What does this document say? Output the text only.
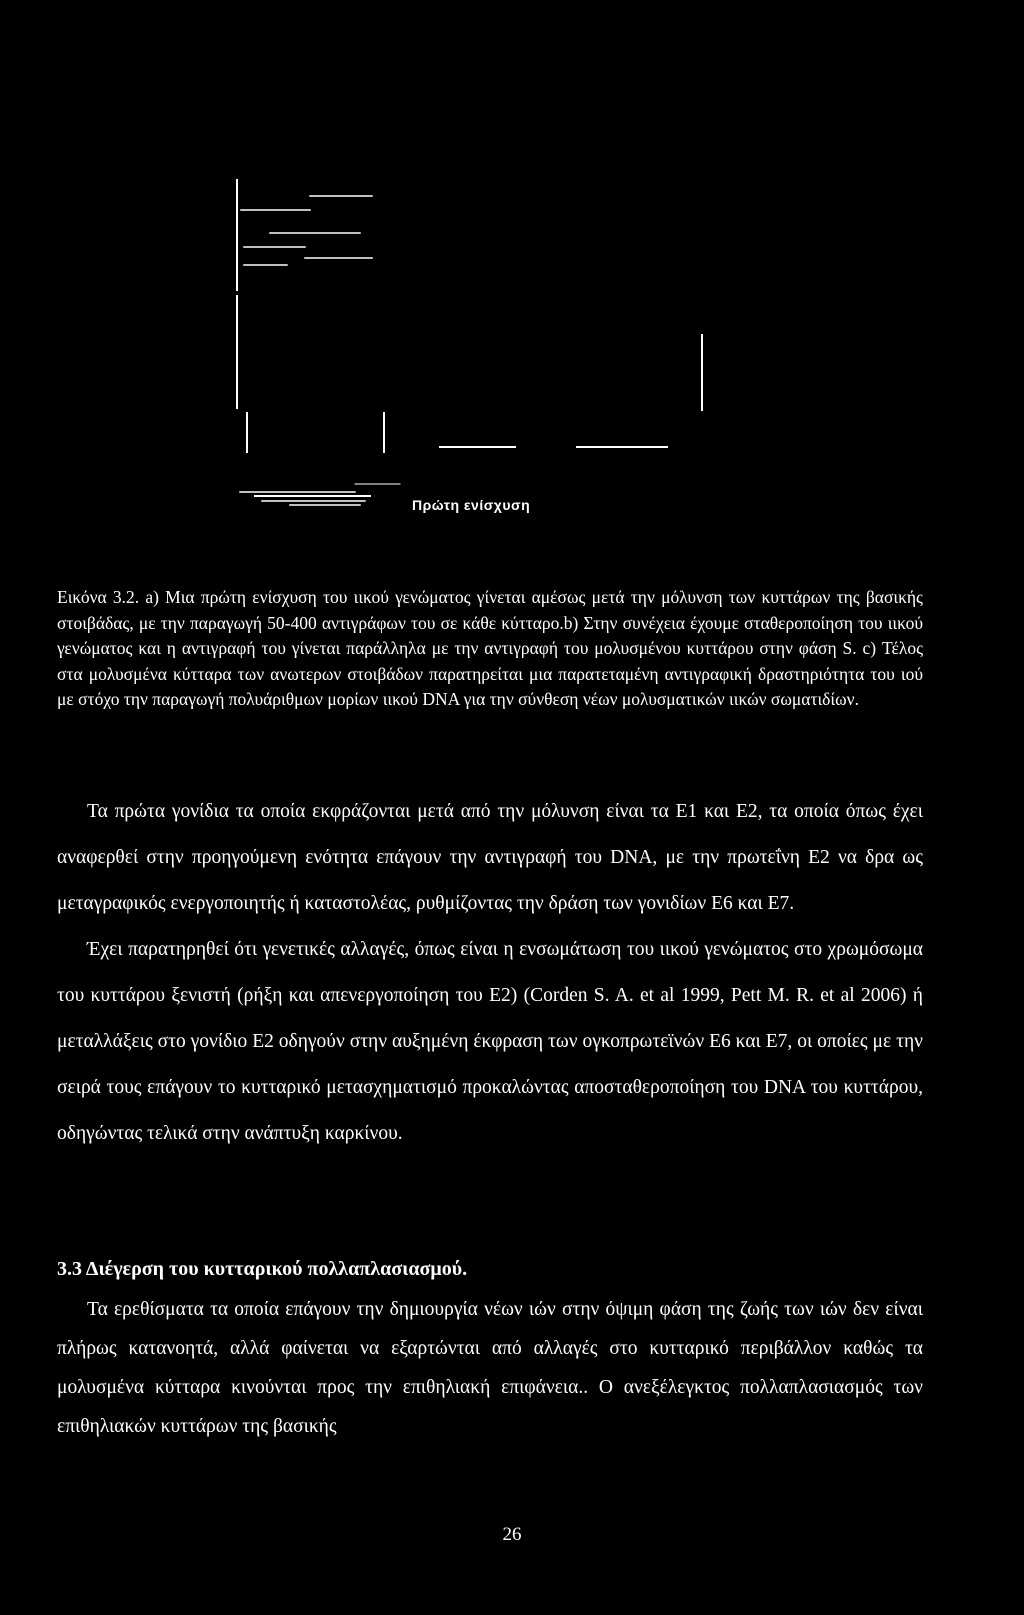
Πρώτη ενίσχυση
Εικόνα 3.2. a) Μια πρώτη ενίσχυση του ιικού γενώματος γίνεται αμέσως μετά την μόλυνση των κυττάρων της βασικής στοιβάδας, με την παραγωγή 50-400 αντιγράφων του σε κάθε κύτταρο.b) Στην συνέχεια έχουμε σταθεροποίηση του ιικού γενώματος και η αντιγραφή του γίνεται παράλληλα με την αντιγραφή του μολυσμένου κυττάρου στην φάση S. c) Τέλος στα μολυσμένα κύτταρα των ανωτερων στοιβάδων παρατηρείται μια παρατεταμένη αντιγραφική δραστηριότητα του ιού με στόχο την παραγωγή πολυάριθμων μορίων ιικού DNA για την σύνθεση νέων μολυσματικών ιικών σωματιδίων.

Τα πρώτα γονίδια τα οποία εκφράζονται μετά από την μόλυνση είναι τα Ε1 και Ε2, τα οποία όπως έχει αναφερθεί στην προηγούμενη ενότητα επάγουν την αντιγραφή του DNA, με την πρωτεΐνη Ε2 να δρα ως μεταγραφικός ενεργοποιητής ή καταστολέας, ρυθμίζοντας την δράση των γονιδίων Ε6 και Ε7.

Έχει παρατηρηθεί ότι γενετικές αλλαγές, όπως είναι η ενσωμάτωση του ιικού γενώματος στο χρωμόσωμα του κυττάρου ξενιστή (ρήξη και απενεργοποίηση του Ε2) (Corden S. A. et al 1999, Pett M. R. et al 2006) ή μεταλλάξεις στο γονίδιο Ε2 οδηγούν στην αυξημένη έκφραση των ογκοπρωτεϊνών Ε6 και Ε7, οι οποίες με την σειρά τους επάγουν το κυτταρικό μετασχηματισμό προκαλώντας αποσταθεροποίηση του DNA του κυττάρου, οδηγώντας τελικά στην ανάπτυξη καρκίνου.

3.3 Διέγερση του κυτταρικού πολλαπλασιασμού.

Τα ερεθίσματα τα οποία επάγουν την δημιουργία νέων ιών στην όψιμη φάση της ζωής των ιών δεν είναι πλήρως κατανοητά, αλλά φαίνεται να εξαρτώνται από αλλαγές στο κυτταρικό περιβάλλον καθώς τα μολυσμένα κύτταρα κινούνται προς την επιθηλιακή επιφάνεια.. Ο ανεξέλεγκτος πολλαπλασιασμός των επιθηλιακών κυττάρων της βασικής

26
